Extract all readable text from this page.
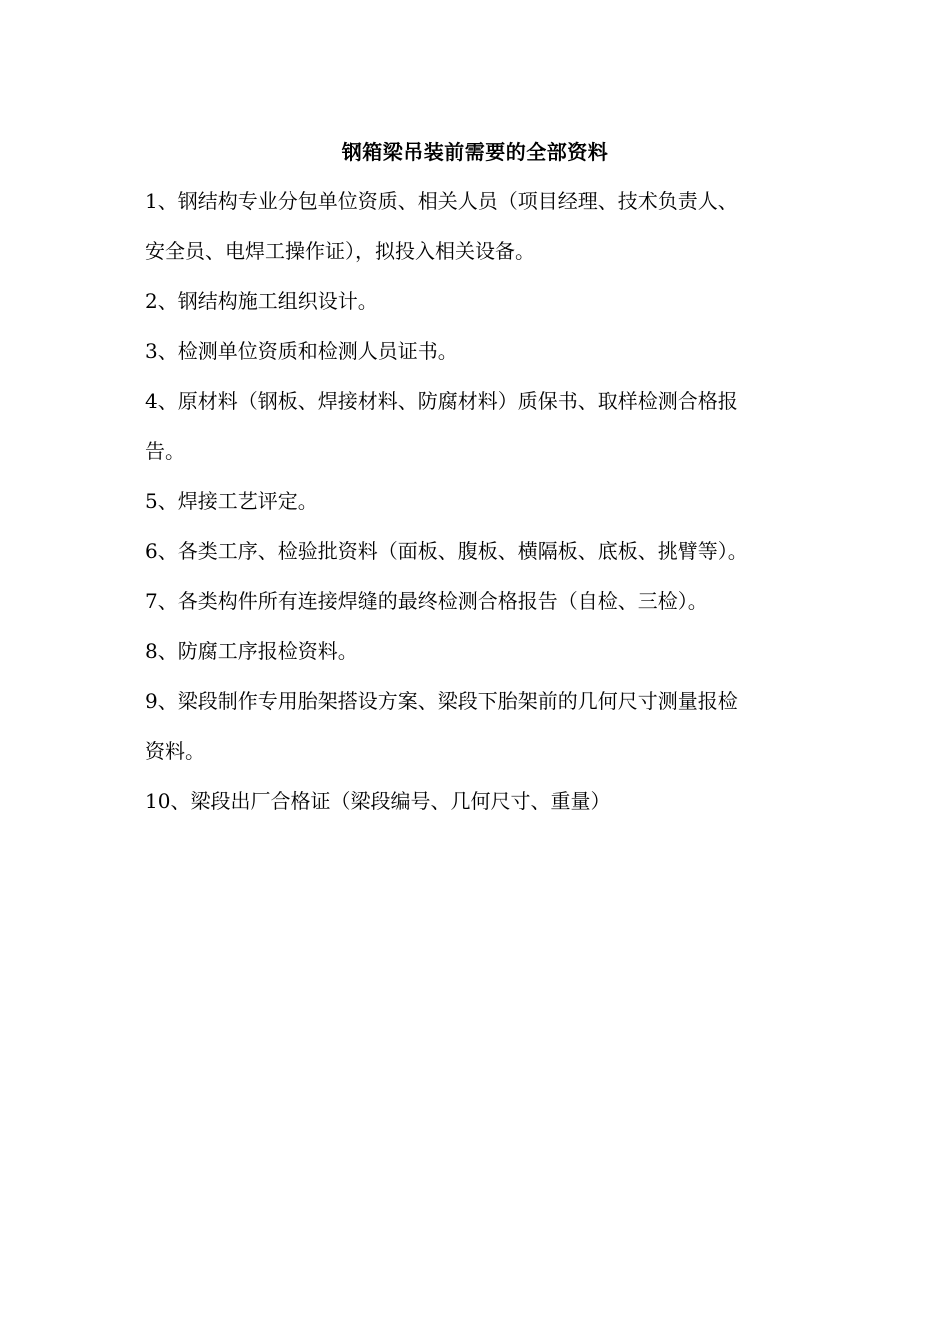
钢箱梁吊装前需要的全部资料
1、钢结构专业分包单位资质、相关人员（项目经理、技术负责人、
安全员、电焊工操作证），拟投入相关设备。
2、钢结构施工组织设计。
3、检测单位资质和检测人员证书。
4、原材料（钢板、焊接材料、防腐材料）质保书、取样检测合格报
告。
5、焊接工艺评定。
6、各类工序、检验批资料（面板、腹板、横隔板、底板、挑臂等）。
7、各类构件所有连接焊缝的最终检测合格报告（自检、三检）。
8、防腐工序报检资料。
9、梁段制作专用胎架搭设方案、梁段下胎架前的几何尺寸测量报检
资料。
10、梁段出厂合格证（梁段编号、几何尺寸、重量）
